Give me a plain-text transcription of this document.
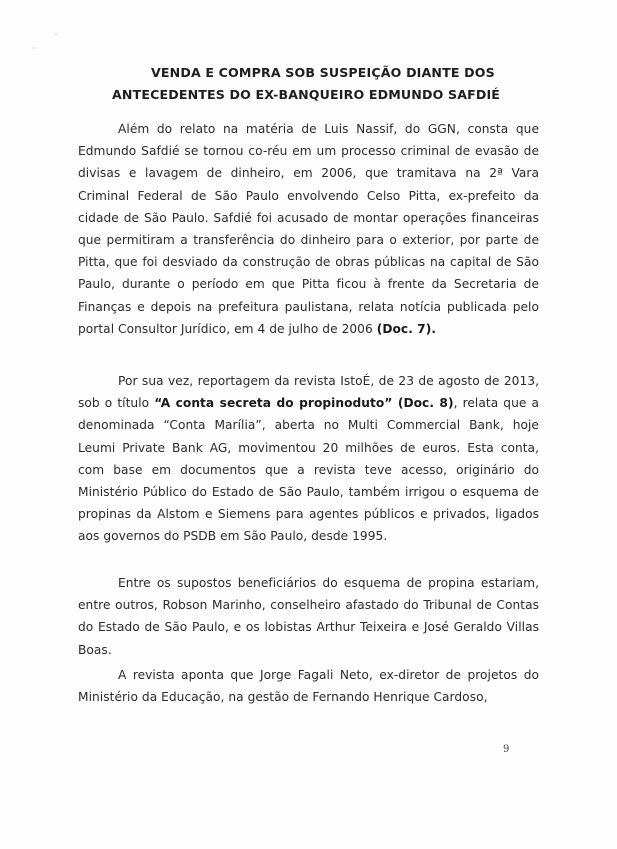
VENDA E COMPRA SOB SUSPEIÇÃO DIANTE DOS
ANTECEDENTES DO EX-BANQUEIRO EDMUNDO SAFDIÉ

Além do relato na matéria de Luis Nassif, do GGN, consta que Edmundo Safdié se tornou co-réu em um processo criminal de evasão de divisas e lavagem de dinheiro, em 2006, que tramitava na 2ª Vara Criminal Federal de São Paulo envolvendo Celso Pitta, ex-prefeito da cidade de São Paulo. Safdié foi acusado de montar operações financeiras que permitiram a transferência do dinheiro para o exterior, por parte de Pitta, que foi desviado da construção de obras públicas na capital de São Paulo, durante o período em que Pitta ficou à frente da Secretaria de Finanças e depois na prefeitura paulistana, relata notícia publicada pelo portal Consultor Jurídico, em 4 de julho de 2006 (Doc. 7).

Por sua vez, reportagem da revista IstoÉ, de 23 de agosto de 2013, sob o título “A conta secreta do propinoduto” (Doc. 8), relata que a denominada “Conta Marília”, aberta no Multi Commercial Bank, hoje Leumi Private Bank AG, movimentou 20 milhões de euros. Esta conta, com base em documentos que a revista teve acesso, originário do Ministério Público do Estado de São Paulo, também irrigou o esquema de propinas da Alstom e Siemens para agentes públicos e privados, ligados aos governos do PSDB em São Paulo, desde 1995.

Entre os supostos beneficiários do esquema de propina estariam, entre outros, Robson Marinho, conselheiro afastado do Tribunal de Contas do Estado de São Paulo, e os lobistas Arthur Teixeira e José Geraldo Villas Boas.

A revista aponta que Jorge Fagali Neto, ex-diretor de projetos do Ministério da Educação, na gestão de Fernando Henrique Cardoso,

9
